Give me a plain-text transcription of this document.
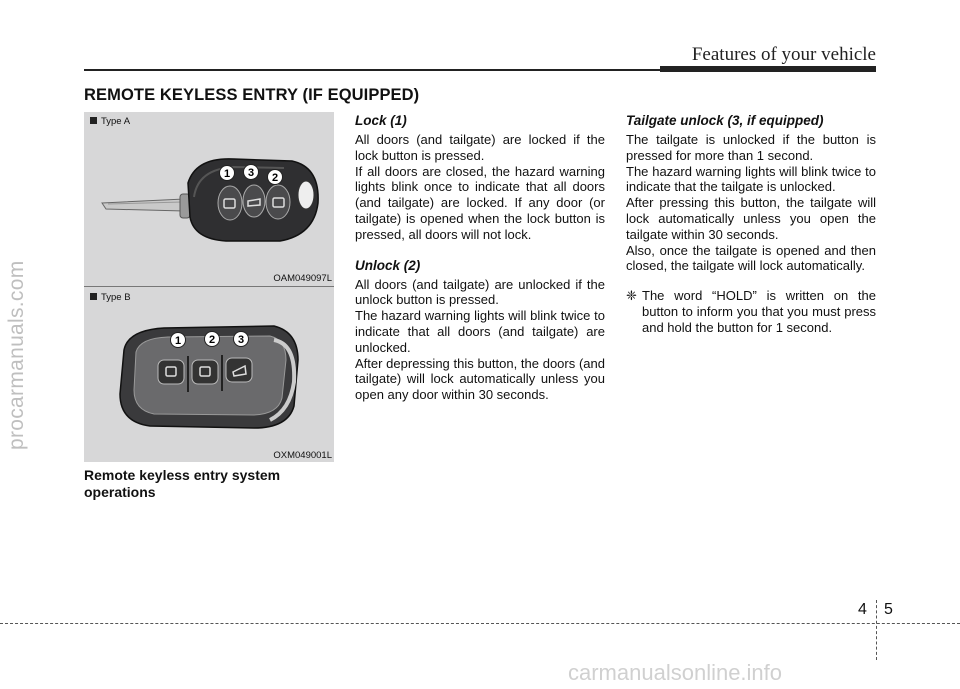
Features of your vehicle
REMOTE KEYLESS ENTRY (IF EQUIPPED)
procarmanuals.com
Type A
1 3 2
OAM049097L
Type B
1	2 3
OXM049001L
Remote keyless entry system operations
Lock (1)

All doors (and tailgate) are locked if the lock button is pressed.

If all doors are closed, the hazard warning lights blink once to indicate that all doors (and tailgate) are locked. If any door (or tailgate) is opened when the lock button is pressed, all doors will not lock.

Unlock (2)

All doors (and tailgate) are unlocked if the unlock button is pressed.

The hazard warning lights will blink twice to indicate that all doors (and tailgate) are unlocked.

After depressing this button, the doors (and tailgate) will lock automatically unless you open any door within 30 seconds.

Tailgate unlock (3, if equipped)

The tailgate is unlocked if the button is pressed for more than 1 second.

The hazard warning lights will blink twice to indicate that the tailgate is unlocked.

After pressing this button, the tailgate will lock automatically unless you open the tailgate within 30 seconds.

Also, once the tailgate is opened and then closed, the tailgate will lock automatically.

❈ The word “HOLD” is written on the button to inform you that you must press and hold the button for 1 second.
4 5
carmanualsonline.info
